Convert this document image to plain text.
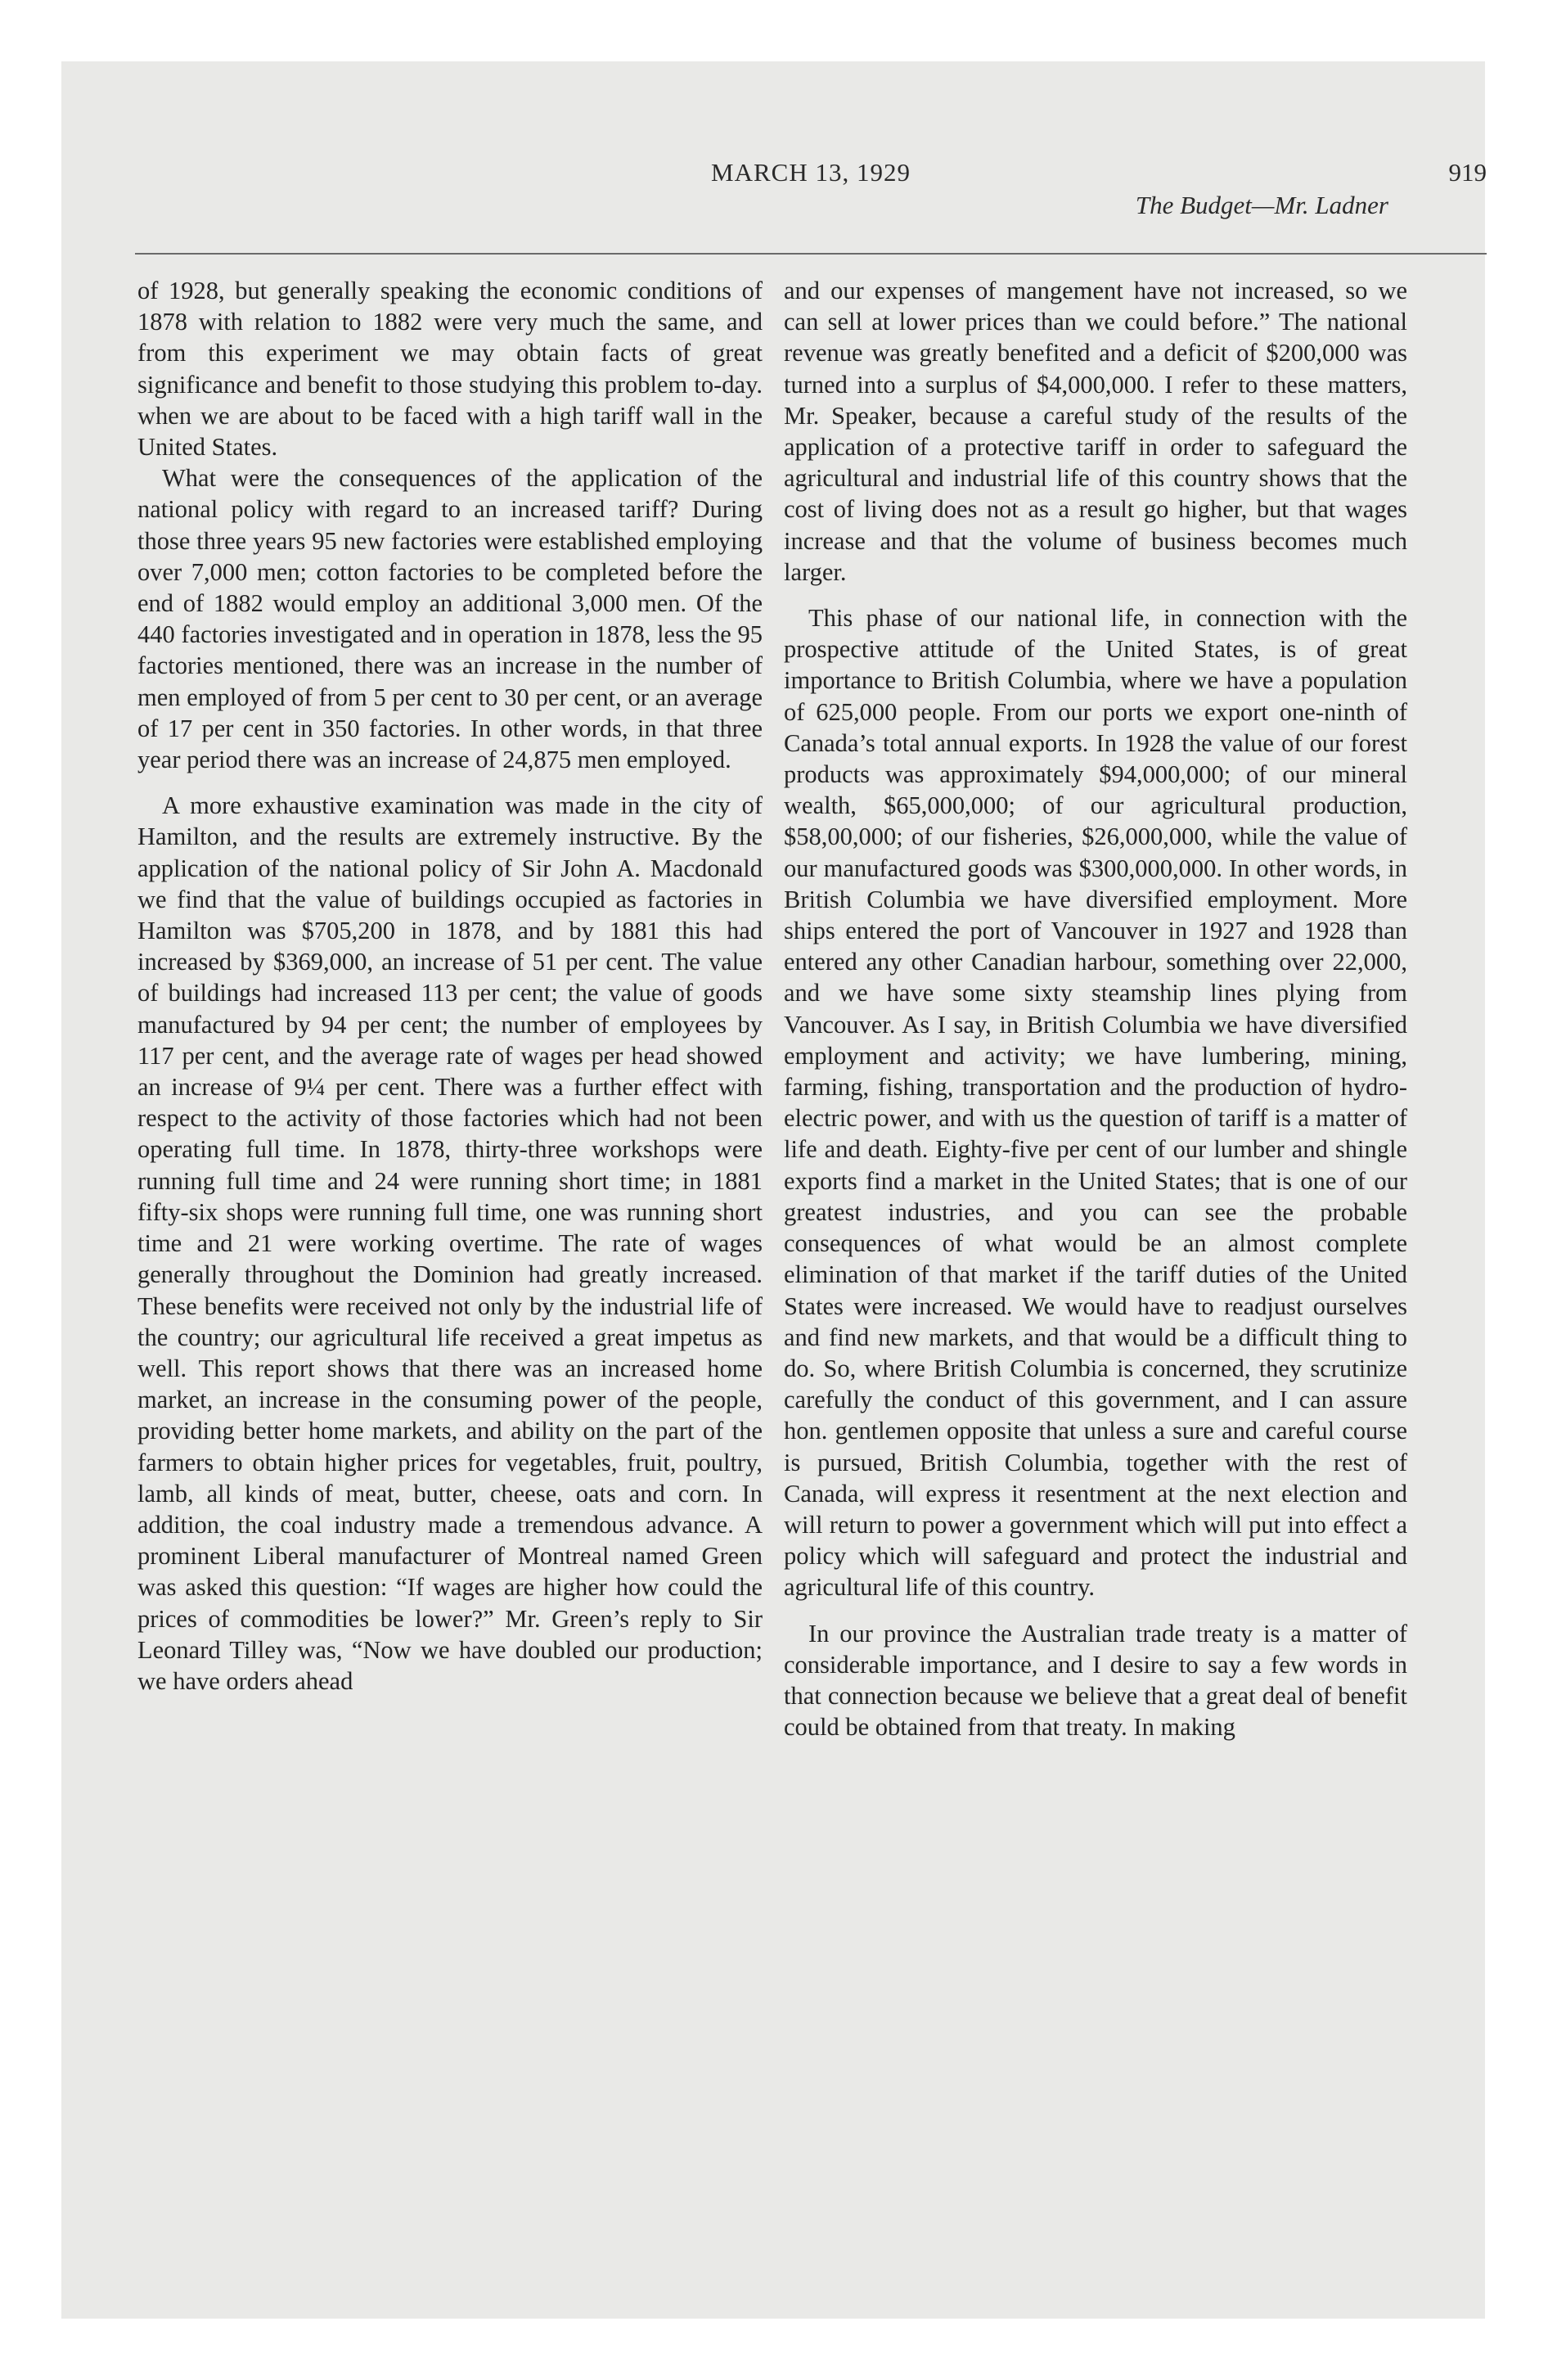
MARCH 13, 1929	919
The Budget—Mr. Ladner

of 1928, but generally speaking the economic conditions of 1878 with relation to 1882 were very much the same, and from this experiment we may obtain facts of great significance and benefit to those studying this problem to-day. when we are about to be faced with a high tariff wall in the United States.

What were the consequences of the application of the national policy with regard to an increased tariff? During those three years 95 new factories were established employing over 7,000 men; cotton factories to be completed before the end of 1882 would employ an additional 3,000 men. Of the 440 factories investigated and in operation in 1878, less the 95 factories mentioned, there was an increase in the number of men employed of from 5 per cent to 30 per cent, or an average of 17 per cent in 350 factories. In other words, in that three year period there was an increase of 24,875 men employed.

A more exhaustive examination was made in the city of Hamilton, and the results are extremely instructive. By the application of the national policy of Sir John A. Macdonald we find that the value of buildings occupied as factories in Hamilton was $705,200 in 1878, and by 1881 this had increased by $369,000, an increase of 51 per cent. The value of buildings had increased 113 per cent; the value of goods manufactured by 94 per cent; the number of employees by 117 per cent, and the average rate of wages per head showed an increase of 9¼ per cent. There was a further effect with respect to the activity of those factories which had not been operating full time. In 1878, thirty-three workshops were running full time and 24 were running short time; in 1881 fifty-six shops were running full time, one was running short time and 21 were working overtime. The rate of wages generally throughout the Dominion had greatly increased. These benefits were received not only by the industrial life of the country; our agricultural life received a great impetus as well. This report shows that there was an increased home market, an increase in the consuming power of the people, providing better home markets, and ability on the part of the farmers to obtain higher prices for vegetables, fruit, poultry, lamb, all kinds of meat, butter, cheese, oats and corn. In addition, the coal industry made a tremendous advance. A prominent Liberal manufacturer of Montreal named Green was asked this question: “If wages are higher how could the prices of commodities be lower?” Mr. Green’s reply to Sir Leonard Tilley was, “Now we have doubled our production; we have orders ahead

and our expenses of mangement have not increased, so we can sell at lower prices than we could before.” The national revenue was greatly benefited and a deficit of $200,000 was turned into a surplus of $4,000,000. I refer to these matters, Mr. Speaker, because a careful study of the results of the application of a protective tariff in order to safeguard the agricultural and industrial life of this country shows that the cost of living does not as a result go higher, but that wages increase and that the volume of business becomes much larger.

This phase of our national life, in connection with the prospective attitude of the United States, is of great importance to British Columbia, where we have a population of 625,000 people. From our ports we export one-ninth of Canada’s total annual exports. In 1928 the value of our forest products was approximately $94,000,000; of our mineral wealth, $65,000,000; of our agricultural production, $58,00,000; of our fisheries, $26,000,000, while the value of our manufactured goods was $300,000,000. In other words, in British Columbia we have diversified employment. More ships entered the port of Vancouver in 1927 and 1928 than entered any other Canadian harbour, something over 22,000, and we have some sixty steamship lines plying from Vancouver. As I say, in British Columbia we have diversified employment and activity; we have lumbering, mining, farming, fishing, transportation and the production of hydro-electric power, and with us the question of tariff is a matter of life and death. Eighty-five per cent of our lumber and shingle exports find a market in the United States; that is one of our greatest industries, and you can see the probable consequences of what would be an almost complete elimination of that market if the tariff duties of the United States were increased. We would have to readjust ourselves and find new markets, and that would be a difficult thing to do. So, where British Columbia is concerned, they scrutinize carefully the conduct of this government, and I can assure hon. gentlemen opposite that unless a sure and careful course is pursued, British Columbia, together with the rest of Canada, will express it resentment at the next election and will return to power a government which will put into effect a policy which will safeguard and protect the industrial and agricultural life of this country.

In our province the Australian trade treaty is a matter of considerable importance, and I desire to say a few words in that connection because we believe that a great deal of benefit could be obtained from that treaty. In making
